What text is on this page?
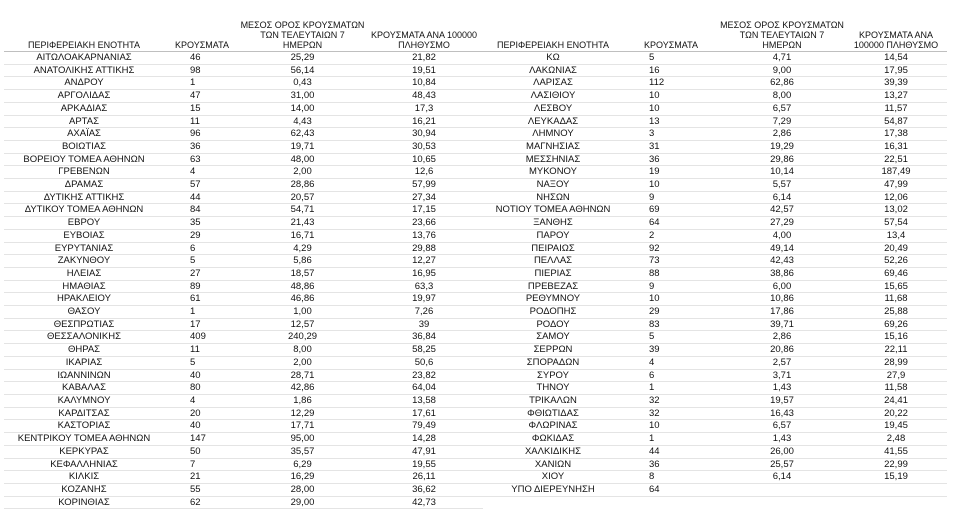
ΠΕΡΙΦΕΡΕΙΑΚΗ ΕΝΟΤΗΤΑ	ΚΡΟΥΣΜΑΤΑ	ΜΕΣΟΣ ΟΡΟΣ ΚΡΟΥΣΜΑΤΩΝ ΤΩΝ ΤΕΛΕΥΤΑΙΩΝ 7 ΗΜΕΡΩΝ	ΚΡΟΥΣΜΑΤΑ ΑΝΑ 100000 ΠΛΗΘΥΣΜΟ
ΑΙΤΩΛΟΑΚΑΡΝΑΝΙΑΣ	46	25,29	21,82
ΑΝΑΤΟΛΙΚΗΣ ΑΤΤΙΚΗΣ	98	56,14	19,51
ΑΝΔΡΟΥ	1	0,43	10,84
ΑΡΓΟΛΙΔΑΣ	47	31,00	48,43
ΑΡΚΑΔΙΑΣ	15	14,00	17,3
ΑΡΤΑΣ	11	4,43	16,21
ΑΧΑΪΑΣ	96	62,43	30,94
ΒΟΙΩΤΙΑΣ	36	19,71	30,53
ΒΟΡΕΙΟΥ ΤΟΜΕΑ ΑΘΗΝΩΝ	63	48,00	10,65
ΓΡΕΒΕΝΩΝ	4	2,00	12,6
ΔΡΑΜΑΣ	57	28,86	57,99
ΔΥΤΙΚΗΣ ΑΤΤΙΚΗΣ	44	20,57	27,34
ΔΥΤΙΚΟΥ ΤΟΜΕΑ ΑΘΗΝΩΝ	84	54,71	17,15
ΕΒΡΟΥ	35	21,43	23,66
ΕΥΒΟΙΑΣ	29	16,71	13,76
ΕΥΡΥΤΑΝΙΑΣ	6	4,29	29,88
ΖΑΚΥΝΘΟΥ	5	5,86	12,27
ΗΛΕΙΑΣ	27	18,57	16,95
ΗΜΑΘΙΑΣ	89	48,86	63,3
ΗΡΑΚΛΕΙΟΥ	61	46,86	19,97
ΘΑΣΟΥ	1	1,00	7,26
ΘΕΣΠΡΩΤΙΑΣ	17	12,57	39
ΘΕΣΣΑΛΟΝΙΚΗΣ	409	240,29	36,84
ΘΗΡΑΣ	11	8,00	58,25
ΙΚΑΡΙΑΣ	5	2,00	50,6
ΙΩΑΝΝΙΝΩΝ	40	28,71	23,82
ΚΑΒΑΛΑΣ	80	42,86	64,04
ΚΑΛΥΜΝΟΥ	4	1,86	13,58
ΚΑΡΔΙΤΣΑΣ	20	12,29	17,61
ΚΑΣΤΟΡΙΑΣ	40	17,71	79,49
ΚΕΝΤΡΙΚΟΥ ΤΟΜΕΑ ΑΘΗΝΩΝ	147	95,00	14,28
ΚΕΡΚΥΡΑΣ	50	35,57	47,91
ΚΕΦΑΛΛΗΝΙΑΣ	7	6,29	19,55
ΚΙΛΚΙΣ	21	16,29	26,11
ΚΟΖΑΝΗΣ	55	28,00	36,62
ΚΟΡΙΝΘΙΑΣ	62	29,00	42,73
ΠΕΡΙΦΕΡΕΙΑΚΗ ΕΝΟΤΗΤΑ	ΚΡΟΥΣΜΑΤΑ	ΜΕΣΟΣ ΟΡΟΣ ΚΡΟΥΣΜΑΤΩΝ ΤΩΝ ΤΕΛΕΥΤΑΙΩΝ 7 ΗΜΕΡΩΝ	ΚΡΟΥΣΜΑΤΑ ΑΝΑ 100000 ΠΛΗΘΥΣΜΟ
ΚΩ	5	4,71	14,54
ΛΑΚΩΝΙΑΣ	16	9,00	17,95
ΛΑΡΙΣΑΣ	112	62,86	39,39
ΛΑΣΙΘΙΟΥ	10	8,00	13,27
ΛΕΣΒΟΥ	10	6,57	11,57
ΛΕΥΚΑΔΑΣ	13	7,29	54,87
ΛΗΜΝΟΥ	3	2,86	17,38
ΜΑΓΝΗΣΙΑΣ	31	19,29	16,31
ΜΕΣΣΗΝΙΑΣ	36	29,86	22,51
ΜΥΚΟΝΟΥ	19	10,14	187,49
ΝΑΞΟΥ	10	5,57	47,99
ΝΗΣΩΝ	9	6,14	12,06
ΝΟΤΙΟΥ ΤΟΜΕΑ ΑΘΗΝΩΝ	69	42,57	13,02
ΞΑΝΘΗΣ	64	27,29	57,54
ΠΑΡΟΥ	2	4,00	13,4
ΠΕΙΡΑΙΩΣ	92	49,14	20,49
ΠΕΛΛΑΣ	73	42,43	52,26
ΠΙΕΡΙΑΣ	88	38,86	69,46
ΠΡΕΒΕΖΑΣ	9	6,00	15,65
ΡΕΘΥΜΝΟΥ	10	10,86	11,68
ΡΟΔΟΠΗΣ	29	17,86	25,88
ΡΟΔΟΥ	83	39,71	69,26
ΣΑΜΟΥ	5	2,86	15,16
ΣΕΡΡΩΝ	39	20,86	22,11
ΣΠΟΡΑΔΩΝ	4	2,57	28,99
ΣΥΡΟΥ	6	3,71	27,9
ΤΗΝΟΥ	1	1,43	11,58
ΤΡΙΚΑΛΩΝ	32	19,57	24,41
ΦΘΙΩΤΙΔΑΣ	32	16,43	20,22
ΦΛΩΡΙΝΑΣ	10	6,57	19,45
ΦΩΚΙΔΑΣ	1	1,43	2,48
ΧΑΛΚΙΔΙΚΗΣ	44	26,00	41,55
ΧΑΝΙΩΝ	36	25,57	22,99
ΧΙΟΥ	8	6,14	15,19
ΥΠΟ ΔΙΕΡΕΥΝΗΣΗ	64		
